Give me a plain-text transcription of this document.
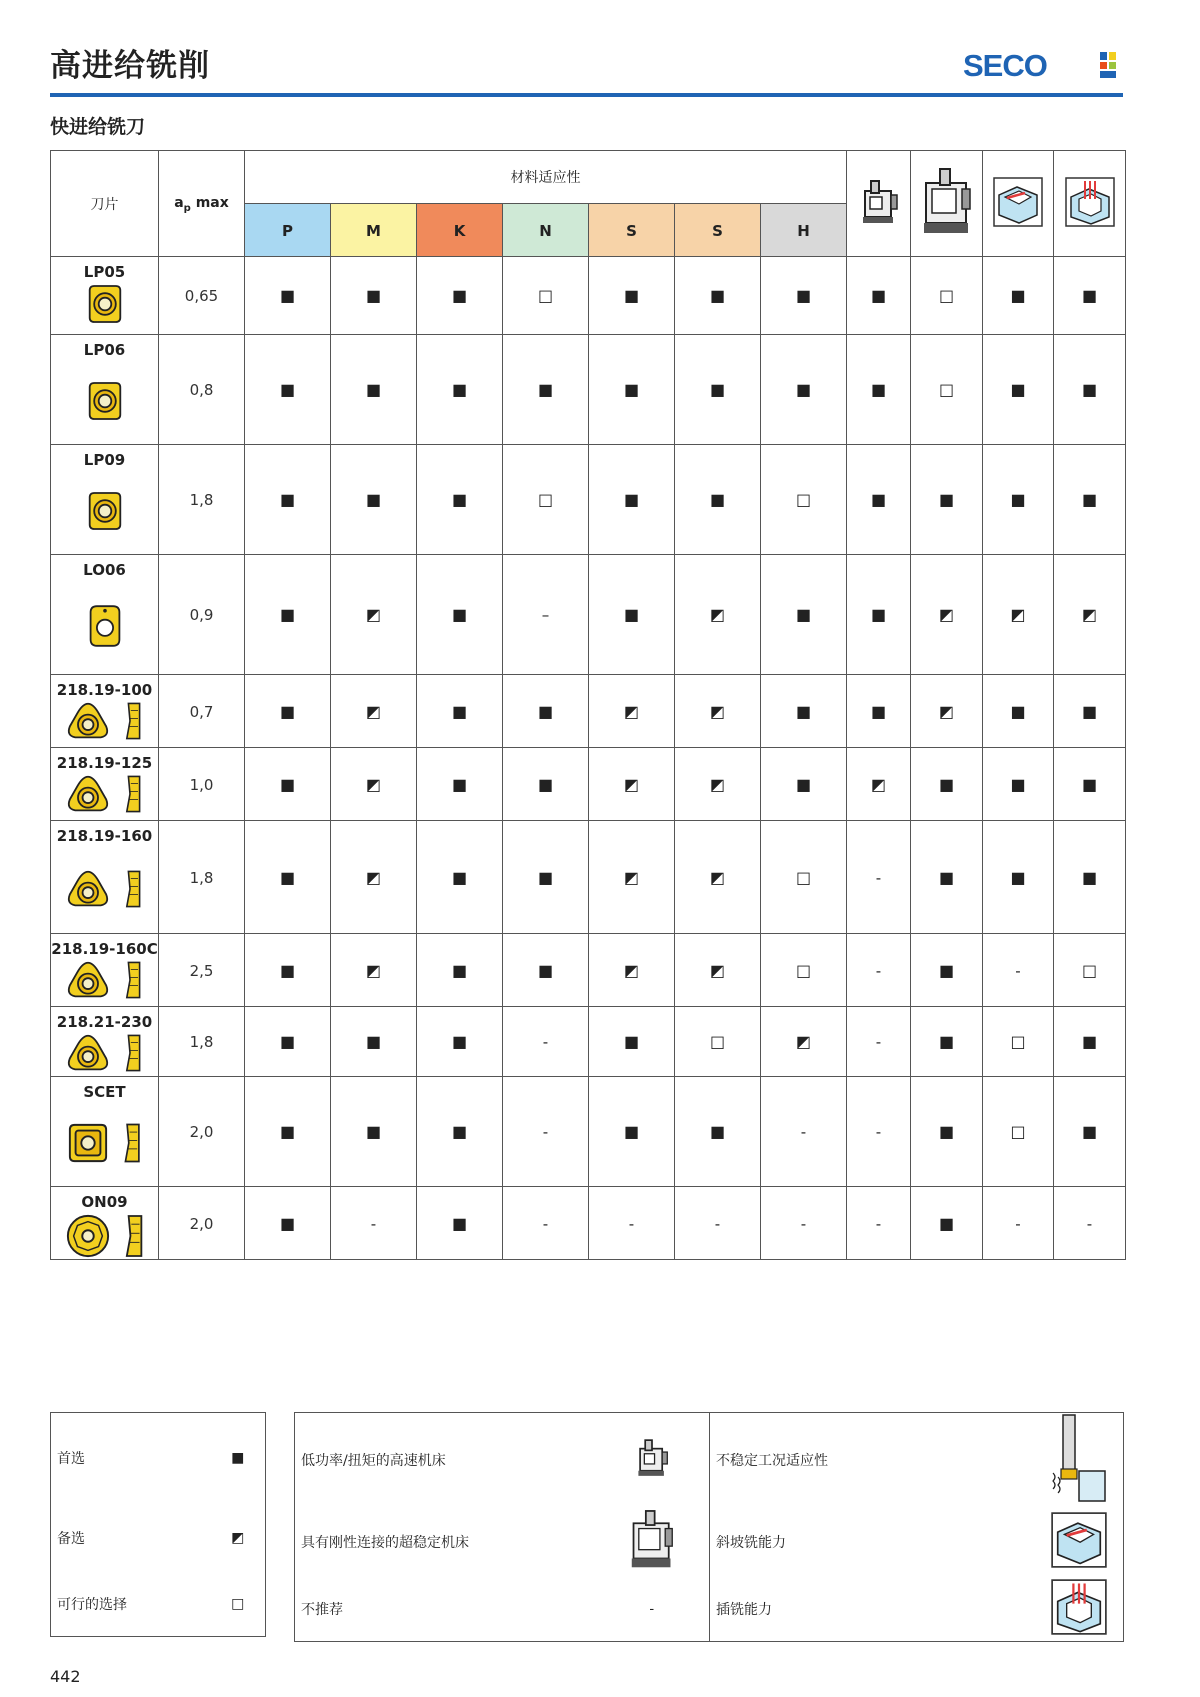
高进给铣削	SECO
快进给铣刀
刀片	$a_p$ max	材料适应性				
		P	M	K	N	S	S	H				

LP05	0,65	■	■	■	□	■	■	■	■	□	■	■

LP06	0,8	■	■	■	■	■	■	■	■	□	■	■

LP09	1,8	■	■	■	□	■	■	□	■	■	■	■

LO06	0,9	■	◩	■	–	■	◩	■	■	◩	◩	◩

218.19-100	0,7	■	◩	■	■	◩	◩	■	■	◩	■	■

218.19-125	1,0	■	◩	■	■	◩	◩	■	◩	■	■	■

218.19-160	1,8	■	◩	■	■	◩	◩	□	-	■	■	■

218.19-160C	2,5	■	◩	■	■	◩	◩	□	-	■	-	□

218.21-230	1,8	■	■	■	-	■	□	◩	-	■	□	■

SCET	2,0	■	■	■	-	■	■	-	-	■	□	■

ON09	2,0	■	-	■	-	-	-	-	-	■	-	-
首选	■
备选	◩
可行的选择	□
低功率/扭矩的高速机床		不稳定工况适应性	
具有刚性连接的超稳定机床		斜坡铣能力	
不推荐	-	插铣能力	
442
